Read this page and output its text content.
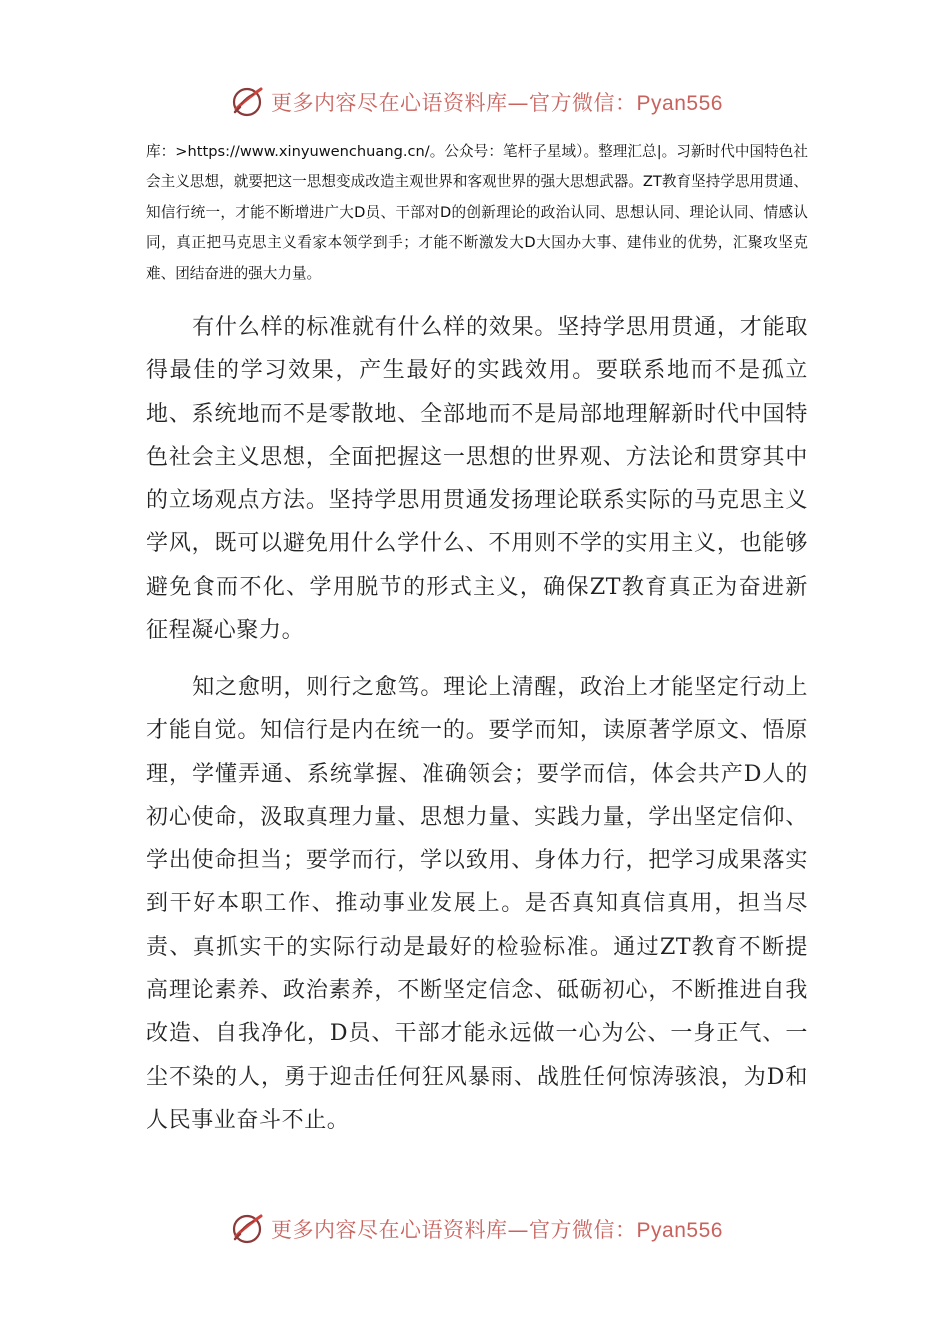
更多内容尽在心语资料库—官方微信：Pyan556

库：>https://www.xinyuwenchuang.cn/。公众号：笔杆子星域）。整理汇总|。习新时代中国特色社会主义思想，就要把这一思想变成改造主观世界和客观世界的强大思想武器。ZT教育坚持学思用贯通、知信行统一，才能不断增进广大D员、干部对D的创新理论的政治认同、思想认同、理论认同、情感认同，真正把马克思主义看家本领学到手；才能不断激发大D大国办大事、建伟业的优势，汇聚攻坚克难、团结奋进的强大力量。

有什么样的标准就有什么样的效果。坚持学思用贯通，才能取得最佳的学习效果，产生最好的实践效用。要联系地而不是孤立地、系统地而不是零散地、全部地而不是局部地理解新时代中国特色社会主义思想，全面把握这一思想的世界观、方法论和贯穿其中的立场观点方法。坚持学思用贯通发扬理论联系实际的马克思主义学风，既可以避免用什么学什么、不用则不学的实用主义，也能够避免食而不化、学用脱节的形式主义，确保ZT教育真正为奋进新征程凝心聚力。

知之愈明，则行之愈笃。理论上清醒，政治上才能坚定行动上才能自觉。知信行是内在统一的。要学而知，读原著学原文、悟原理，学懂弄通、系统掌握、准确领会；要学而信，体会共产D人的初心使命，汲取真理力量、思想力量、实践力量，学出坚定信仰、学出使命担当；要学而行，学以致用、身体力行，把学习成果落实到干好本职工作、推动事业发展上。是否真知真信真用，担当尽责、真抓实干的实际行动是最好的检验标准。通过ZT教育不断提高理论素养、政治素养，不断坚定信念、砥砺初心，不断推进自我改造、自我净化，D员、干部才能永远做一心为公、一身正气、一尘不染的人，勇于迎击任何狂风暴雨、战胜任何惊涛骇浪，为D和人民事业奋斗不止。

更多内容尽在心语资料库—官方微信：Pyan556
